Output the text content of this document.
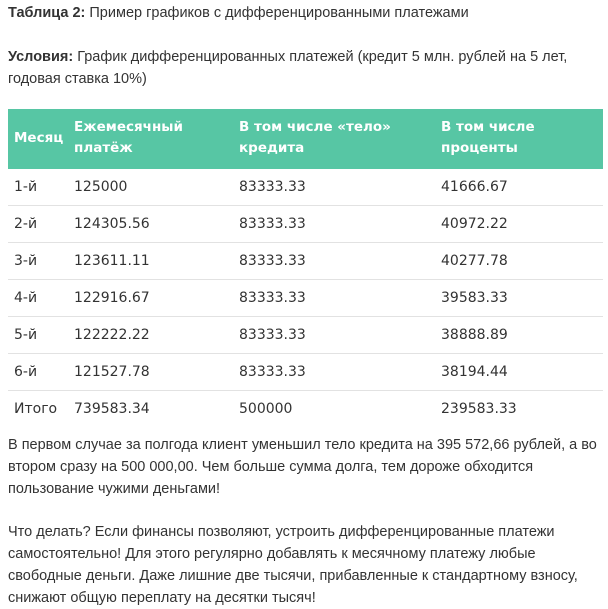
Таблица 2: Пример графиков с дифференцированными платежами
Условия: График дифференцированных платежей (кредит 5 млн. рублей на 5 лет, годовая ставка 10%)
Месяц	Ежемесячный платёж	В том числе «тело» кредита	В том числе проценты
1-й	125000	83333.33	41666.67
2-й	124305.56	83333.33	40972.22
3-й	123611.11	83333.33	40277.78
4-й	122916.67	83333.33	39583.33
5-й	122222.22	83333.33	38888.89
6-й	121527.78	83333.33	38194.44
Итого	739583.34	500000	239583.33
В первом случае за полгода клиент уменьшил тело кредита на 395 572,66 рублей, а во втором сразу на 500 000,00. Чем больше сумма долга, тем дороже обходится пользование чужими деньгами!
Что делать? Если финансы позволяют, устроить дифференцированные платежи самостоятельно! Для этого регулярно добавлять к месячному платежу любые свободные деньги. Даже лишние две тысячи, прибавленные к стандартному взносу, снижают общую переплату на десятки тысяч!
